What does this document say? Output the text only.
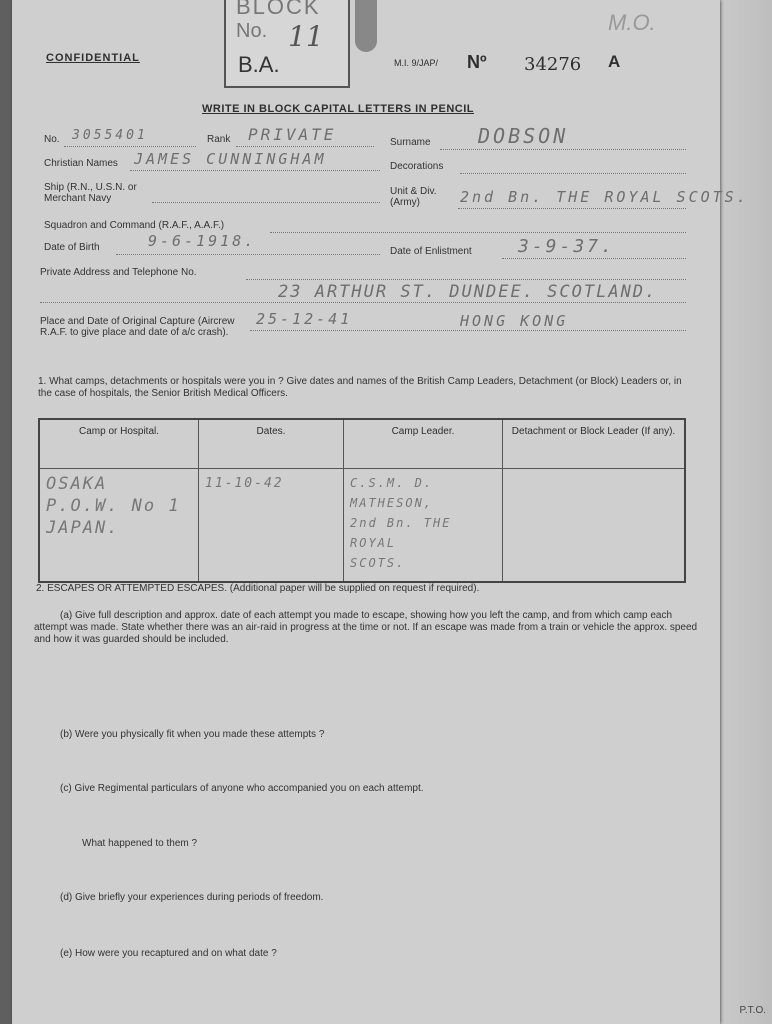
P.T.O.
BLOCK
No. 11
B.A.
CONFIDENTIAL	M.I. 9/JAP/ Nº 34276 A
M.O.
WRITE IN BLOCK CAPITAL LETTERS IN PENCIL
No. 3055401	Rank PRIVATE	Surname DOBSON
Christian Names JAMES CUNNINGHAM	Decorations
Ship (R.N., U.S.N. or Merchant Navy
Unit & Div. (Army)	2nd Bn. THE ROYAL SCOTS.
Squadron and Command (R.A.F., A.A.F.)
Date of Birth	9-6-1918.
Date of Enlistment	3-9-37.
Private Address and Telephone No.
23 ARTHUR ST. DUNDEE. SCOTLAND.
Place and Date of Original Capture (Aircrew R.A.F. to give place and date of a/c crash).
25-12-41	HONG KONG
1. What camps, detachments or hospitals were you in ? Give dates and names of the British Camp Leaders, Detachment (or Block) Leaders or, in the case of hospitals, the Senior British Medical Officers.
Camp or Hospital.	Dates.	Camp Leader.	Detachment or Block Leader (If any).
OSAKA
P.O.W. No 1
JAPAN.	11-10-42	C.S.M. D. MATHESON,
2nd Bn. THE ROYAL
SCOTS.	
2. ESCAPES OR ATTEMPTED ESCAPES. (Additional paper will be supplied on request if required).
(a) Give full description and approx. date of each attempt you made to escape, showing how you left the camp, and from which camp each attempt was made. State whether there was an air-raid in progress at the time or not. If an escape was made from a train or vehicle the approx. speed and how it was guarded should be included.
(b) Were you physically fit when you made these attempts ?
(c) Give Regimental particulars of anyone who accompanied you on each attempt.
What happened to them ?
(d) Give briefly your experiences during periods of freedom.
(e) How were you recaptured and on what date ?
